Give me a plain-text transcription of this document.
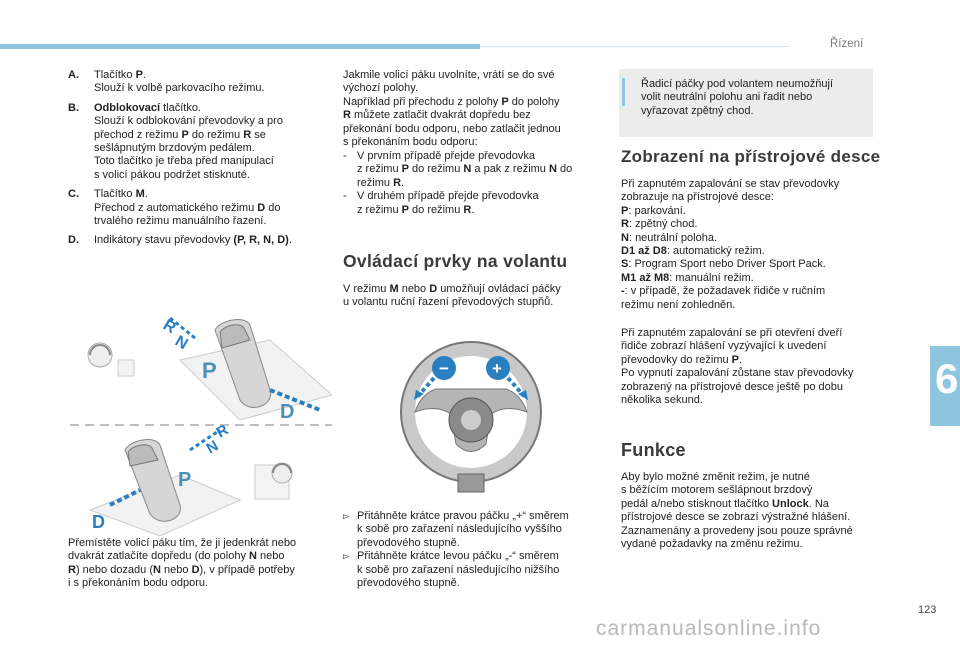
Řízení
6
A.	Tlačítko P.
Slouží k volbě parkovacího režimu.
B.	Odblokovací tlačítko.
Slouží k odblokování převodovky a pro
přechod z režimu P do režimu R se
sešlápnutým brzdovým pedálem.
Toto tlačítko je třeba před manipulací
s volicí pákou podržet stisknuté.
C.	Tlačítko M.
Přechod z automatického režimu D do
trvalého režimu manuálního řazení.
D.	Indikátory stavu převodovky (P, R, N, D).
P
D
R
N
P
D
R
N
Přemístěte volicí páku tím, že ji jedenkrát nebo
dvakrát zatlačíte dopředu (do polohy N nebo
R) nebo dozadu (N nebo D), v případě potřeby
i s překonáním bodu odporu.
Jakmile volicí páku uvolníte, vrátí se do své
výchozí polohy.
Například při přechodu z polohy P do polohy
R můžete zatlačit dvakrát dopředu bez
překonání bodu odporu, nebo zatlačit jednou
s překonáním bodu odporu:
- V prvním případě přejde převodovka
z režimu P do režimu N a pak z režimu N do
režimu R.
- V druhém případě přejde převodovka
z režimu P do režimu R.
Ovládací prvky na volantu
V režimu M nebo D umožňují ovládací páčky
u volantu ruční řazení převodových stupňů.
−	+
▻ Přitáhněte krátce pravou páčku „+“ směrem
k sobě pro zařazení následujícího vyššího
převodového stupně.
▻ Přitáhněte krátce levou páčku „-“ směrem
k sobě pro zařazení následujícího nižšího
převodového stupně.
Řadicí páčky pod volantem neumožňují
volit neutrální polohu ani řadit nebo
vyřazovat zpětný chod.
Zobrazení na přístrojové desce
Při zapnutém zapalování se stav převodovky
zobrazuje na přístrojové desce:
P: parkování.
R: zpětný chod.
N: neutrální poloha.
D1 až D8: automatický režim.
S: Program Sport nebo Driver Sport Pack.
M1 až M8: manuální režim.
-: v případě, že požadavek řidiče v ručním
režimu není zohledněn.
Při zapnutém zapalování se při otevření dveří
řidiče zobrazí hlášení vyzývající k uvedení
převodovky do režimu P.
Po vypnutí zapalování zůstane stav převodovky
zobrazený na přístrojové desce ještě po dobu
několika sekund.
Funkce
Aby bylo možné změnit režim, je nutné
s běžícím motorem sešlápnout brzdový
pedál a/nebo stisknout tlačítko Unlock. Na
přístrojové desce se zobrazí výstražné hlášení.
Zaznamenány a provedeny jsou pouze správné
vydané požadavky na změnu režimu.
123
carmanualsonline.info
